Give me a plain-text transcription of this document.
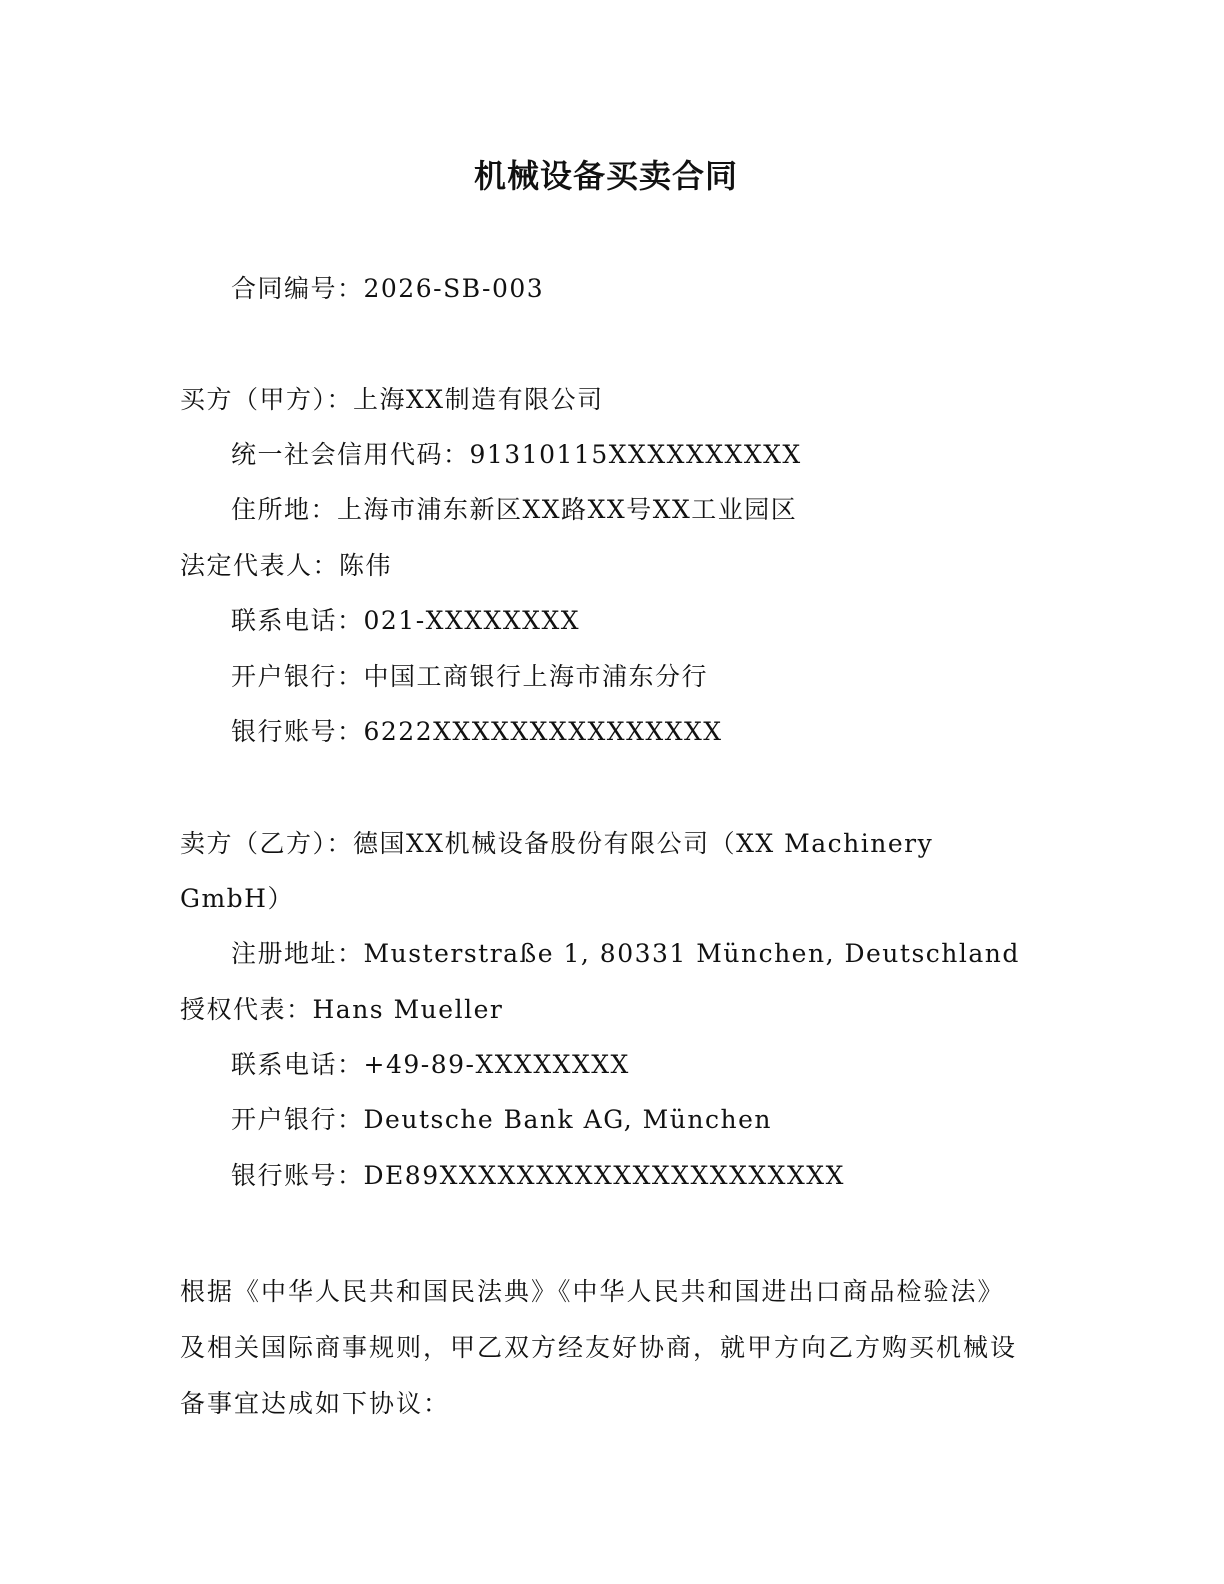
机械设备买卖合同
合同编号：2026-SB-003
买方（甲方）：上海XX制造有限公司
统一社会信用代码：91310115XXXXXXXXXX
住所地：上海市浦东新区XX路XX号XX工业园区
法定代表人：陈伟
联系电话：021-XXXXXXXX
开户银行：中国工商银行上海市浦东分行
银行账号：6222XXXXXXXXXXXXXXX
卖方（乙方）：德国XX机械设备股份有限公司（XX Machinery
GmbH）
注册地址：Musterstraße 1, 80331 München, Deutschland
授权代表：Hans Mueller
联系电话：+49-89-XXXXXXXX
开户银行：Deutsche Bank AG, München
银行账号：DE89XXXXXXXXXXXXXXXXXXXXX
根据《中华人民共和国民法典》《中华人民共和国进出口商品检验法》及相关国际商事规则，甲乙双方经友好协商，就甲方向乙方购买机械设备事宜达成如下协议：
